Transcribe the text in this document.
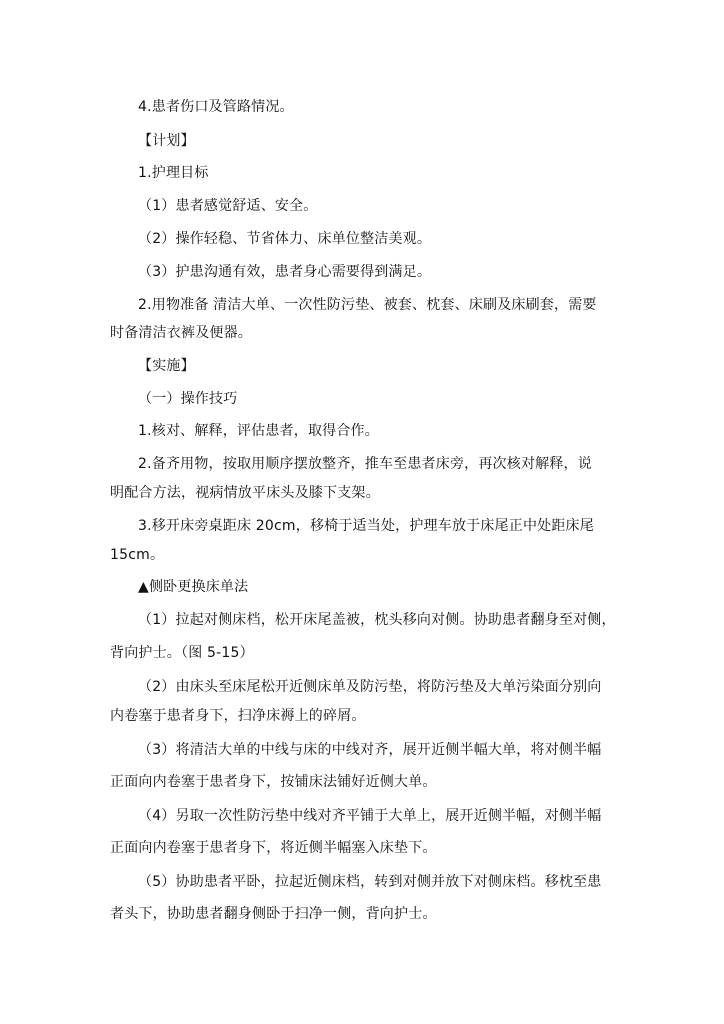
4.患者伤口及管路情况。
【计划】
1.护理目标
（1）患者感觉舒适、安全。
（2）操作轻稳、节省体力、床单位整洁美观。
（3）护患沟通有效，患者身心需要得到满足。
2.用物准备 清洁大单、一次性防污垫、被套、枕套、床刷及床刷套，需要
时备清洁衣裤及便器。
【实施】
（一）操作技巧
1.核对、解释，评估患者，取得合作。
2.备齐用物，按取用顺序摆放整齐，推车至患者床旁，再次核对解释，说
明配合方法，视病情放平床头及膝下支架。
3.移开床旁桌距床 20cm，移椅于适当处，护理车放于床尾正中处距床尾
15cm。
▲侧卧更换床单法
（1）拉起对侧床档，松开床尾盖被，枕头移向对侧。协助患者翻身至对侧，
背向护士。（图 5-15）
（2）由床头至床尾松开近侧床单及防污垫，将防污垫及大单污染面分别向
内卷塞于患者身下，扫净床褥上的碎屑。
（3）将清洁大单的中线与床的中线对齐，展开近侧半幅大单，将对侧半幅
正面向内卷塞于患者身下，按铺床法铺好近侧大单。
（4）另取一次性防污垫中线对齐平铺于大单上，展开近侧半幅，对侧半幅
正面向内卷塞于患者身下，将近侧半幅塞入床垫下。
（5）协助患者平卧，拉起近侧床档，转到对侧并放下对侧床档。移枕至患
者头下，协助患者翻身侧卧于扫净一侧，背向护士。
